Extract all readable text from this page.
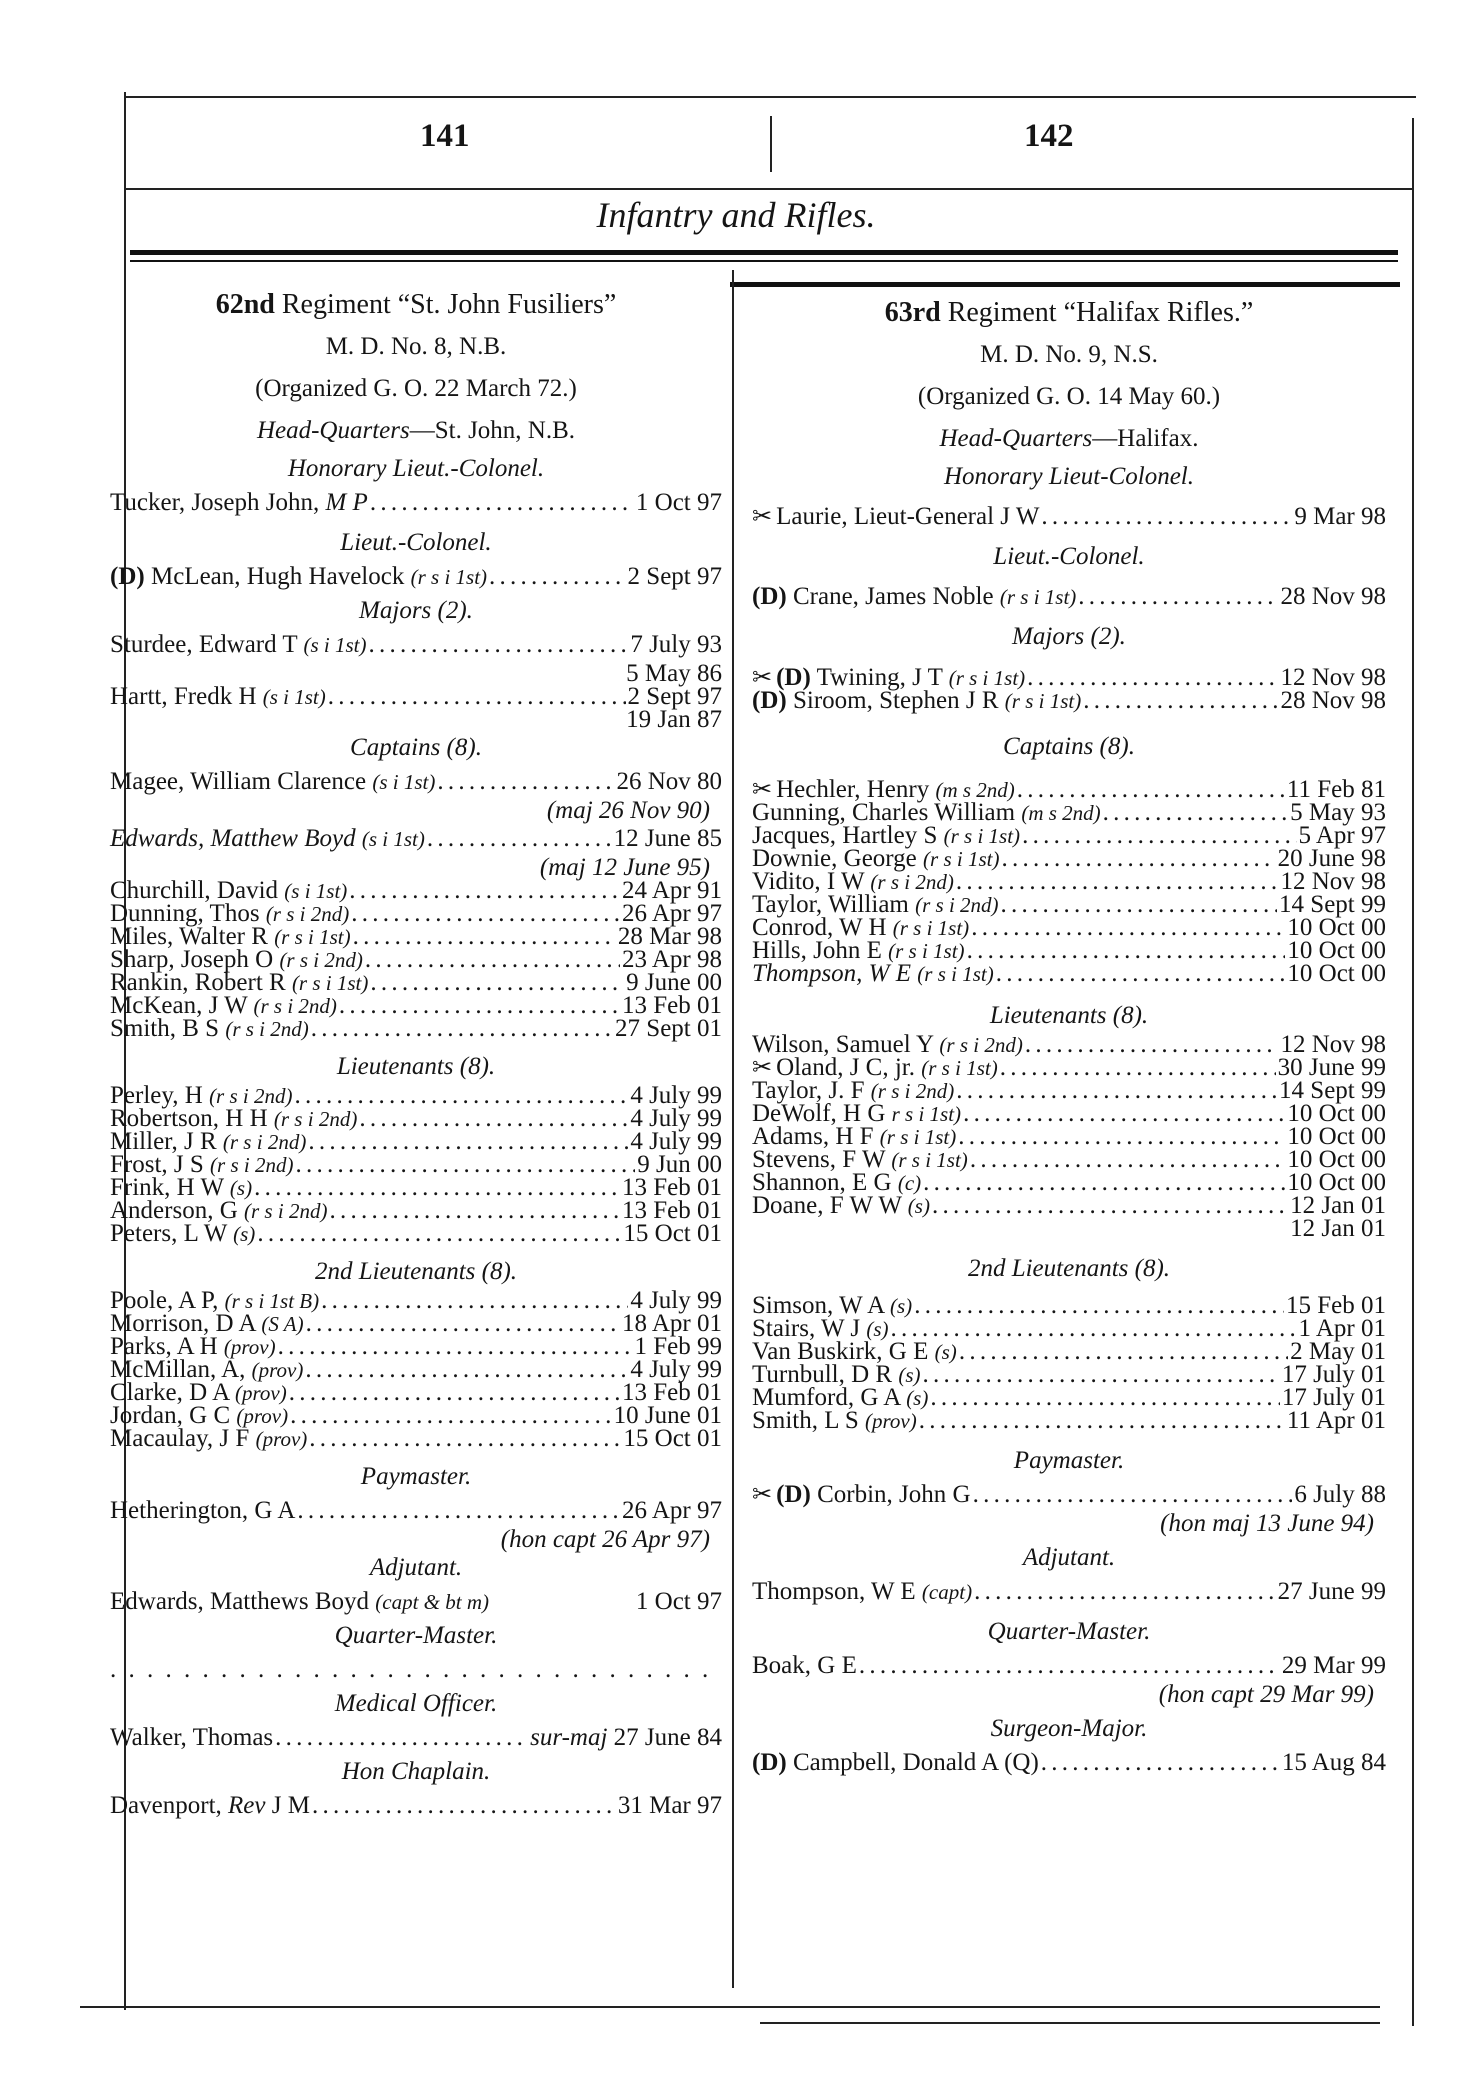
141	142
Infantry and Rifles.
62nd Regiment “St. John Fusiliers”
M. D. No. 8, N.B.
(Organized G. O. 22 March 72.)
Head-Quarters—St. John, N.B.
Honorary Lieut.-Colonel.
Tucker, Joseph John, M P . . .	1 Oct 97
Lieut.-Colonel.
(D) McLean, Hugh Havelock (r s i 1st) . . .	2 Sept 97
Majors (2).
Sturdee, Edward T (s i 1st) . . .	7 July 93
5 May 86
Hartt, Fredk H (s i 1st) . . .	2 Sept 97
19 Jan 87
Captains (8).
Magee, William Clarence (s i 1st) . . .	26 Nov 80
(maj 26 Nov 90)
Edwards, Matthew Boyd (s i 1st) . . .	12 June 85
(maj 12 June 95)
Churchill, David (s i 1st) . . .	24 Apr 91
Dunning, Thos (r s i 2nd) . . .	26 Apr 97
Miles, Walter R (r s i 1st) . . .	28 Mar 98
Sharp, Joseph O (r s i 2nd) . . .	23 Apr 98
Rankin, Robert R (r s i 1st) . . .	9 June 00
McKean, J W (r s i 2nd) . . .	13 Feb 01
Smith, B S (r s i 2nd) . . .	27 Sept 01
Lieutenants (8).
Perley, H (r s i 2nd) . . .	4 July 99
Robertson, H H (r s i 2nd) . . .	4 July 99
Miller, J R (r s i 2nd) . . .	4 July 99
Frost, J S (r s i 2nd) . . .	9 Jun 00
Frink, H W (s) . . .	13 Feb 01
Anderson, G (r s i 2nd) . . .	13 Feb 01
Peters, L W (s) . . .	15 Oct 01
2nd Lieutenants (8).
Poole, A P, (r s i 1st B) . . .	4 July 99
Morrison, D A (S A) . . .	18 Apr 01
Parks, A H (prov) . . .	1 Feb 99
McMillan, A, (prov) . . .	4 July 99
Clarke, D A (prov) . . .	13 Feb 01
Jordan, G C (prov) . . .	10 June 01
Macaulay, J F (prov) . . .	15 Oct 01
Paymaster.
Hetherington, G A . . .	26 Apr 97
(hon capt 26 Apr 97)
Adjutant.
Edwards, Matthews Boyd (capt & bt m)	1 Oct 97
Quarter-Master.
. . .
Medical Officer.
Walker, Thomas . . .	sur-maj 27 June 84
Hon Chaplain.
Davenport, Rev J M . . .	31 Mar 97
63rd Regiment “Halifax Rifles.”
M. D. No. 9, N.S.
(Organized G. O. 14 May 60.)
Head-Quarters—Halifax.
Honorary Lieut-Colonel.
✂ Laurie, Lieut-General J W . . .	9 Mar 98
Lieut.-Colonel.
(D) Crane, James Noble (r s i 1st) . . .	28 Nov 98
Majors (2).
✂ (D) Twining, J T (r s i 1st) . . .	12 Nov 98
(D) Siroom, Stephen J R (r s i 1st) . . .	28 Nov 98
Captains (8).
✂ Hechler, Henry (m s 2nd) . . .	11 Feb 81
Gunning, Charles William (m s 2nd) . . .	5 May 93
Jacques, Hartley S (r s i 1st) . . .	5 Apr 97
Downie, George (r s i 1st) . . .	20 June 98
Vidito, I W (r s i 2nd) . . .	12 Nov 98
Taylor, William (r s i 2nd) . . .	14 Sept 99
Conrod, W H (r s i 1st) . . .	10 Oct 00
Hills, John E (r s i 1st) . . .	10 Oct 00
Thompson, W E (r s i 1st) . . .	10 Oct 00
Lieutenants (8).
Wilson, Samuel Y (r s i 2nd) . . .	12 Nov 98
✂ Oland, J C, jr. (r s i 1st) . . .	30 June 99
Taylor, J. F (r s i 2nd) . . .	14 Sept 99
DeWolf, H G r s i 1st) . . .	10 Oct 00
Adams, H F (r s i 1st) . . .	10 Oct 00
Stevens, F W (r s i 1st) . . .	10 Oct 00
Shannon, E G (c) . . .	10 Oct 00
Doane, F W W (s) . . .	12 Jan 01
12 Jan 01
2nd Lieutenants (8).
Simson, W A (s) . . .	15 Feb 01
Stairs, W J (s) . . .	1 Apr 01
Van Buskirk, G E (s) . . .	2 May 01
Turnbull, D R (s) . . .	17 July 01
Mumford, G A (s) . . .	17 July 01
Smith, L S (prov) . . .	11 Apr 01
Paymaster.
✂ (D) Corbin, John G . . .	6 July 88
(hon maj 13 June 94)
Adjutant.
Thompson, W E (capt) . . .	27 June 99
Quarter-Master.
Boak, G E . . .	29 Mar 99
(hon capt 29 Mar 99)
Surgeon-Major.
(D) Campbell, Donald A (Q) . . .	15 Aug 84
